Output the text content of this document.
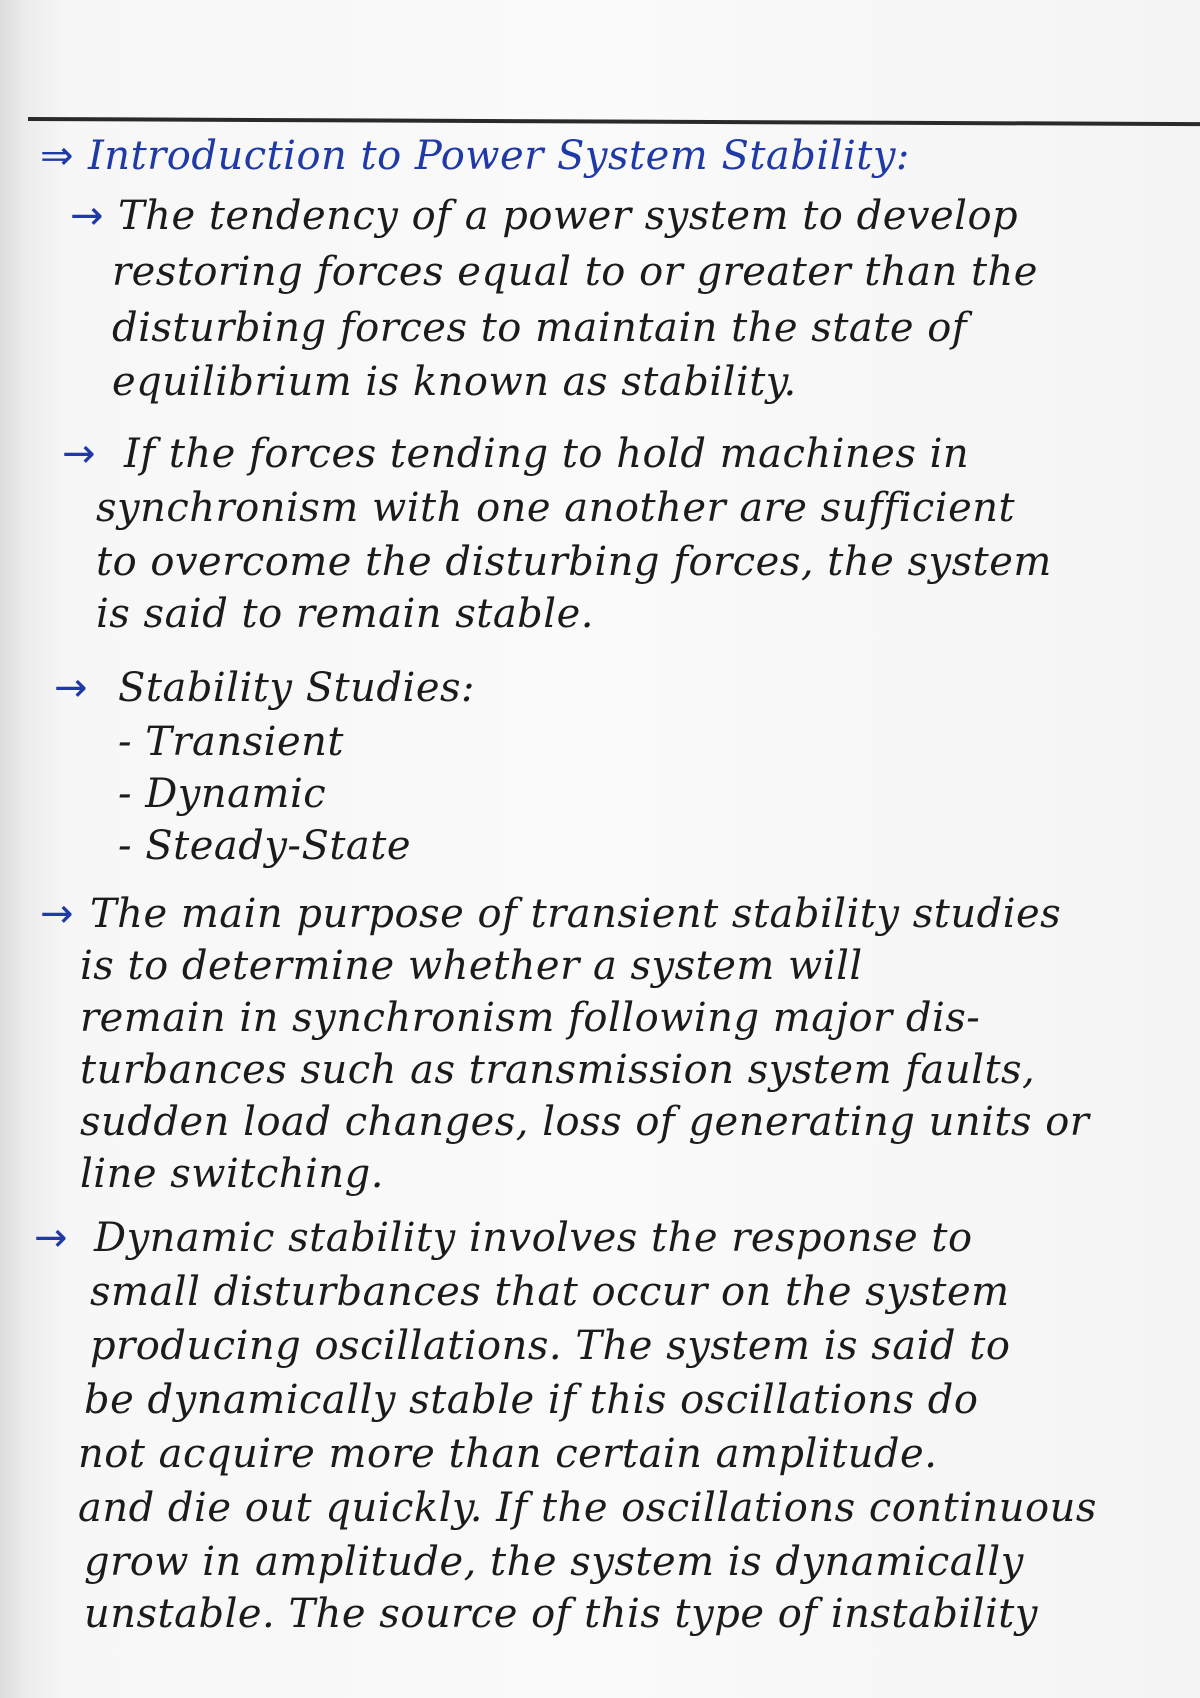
⇒ Introduction to Power System Stability:
→ The tendency of a power system to develop
restoring forces equal to or greater than the
disturbing forces to maintain the state of
equilibrium is known as stability.
→ If the forces tending to hold machines in
synchronism with one another are sufficient
to overcome the disturbing forces, the system
is said to remain stable.
→ Stability Studies:
- Transient
- Dynamic
- Steady-State
→ The main purpose of transient stability studies
is to determine whether a system will
remain in synchronism following major dis-
turbances such as transmission system faults,
sudden load changes, loss of generating units or
line switching.
→ Dynamic stability involves the response to
small disturbances that occur on the system
producing oscillations. The system is said to
be dynamically stable if this oscillations do
not acquire more than certain amplitude.
and die out quickly. If the oscillations continuous
grow in amplitude, the system is dynamically
unstable. The source of this type of instability
